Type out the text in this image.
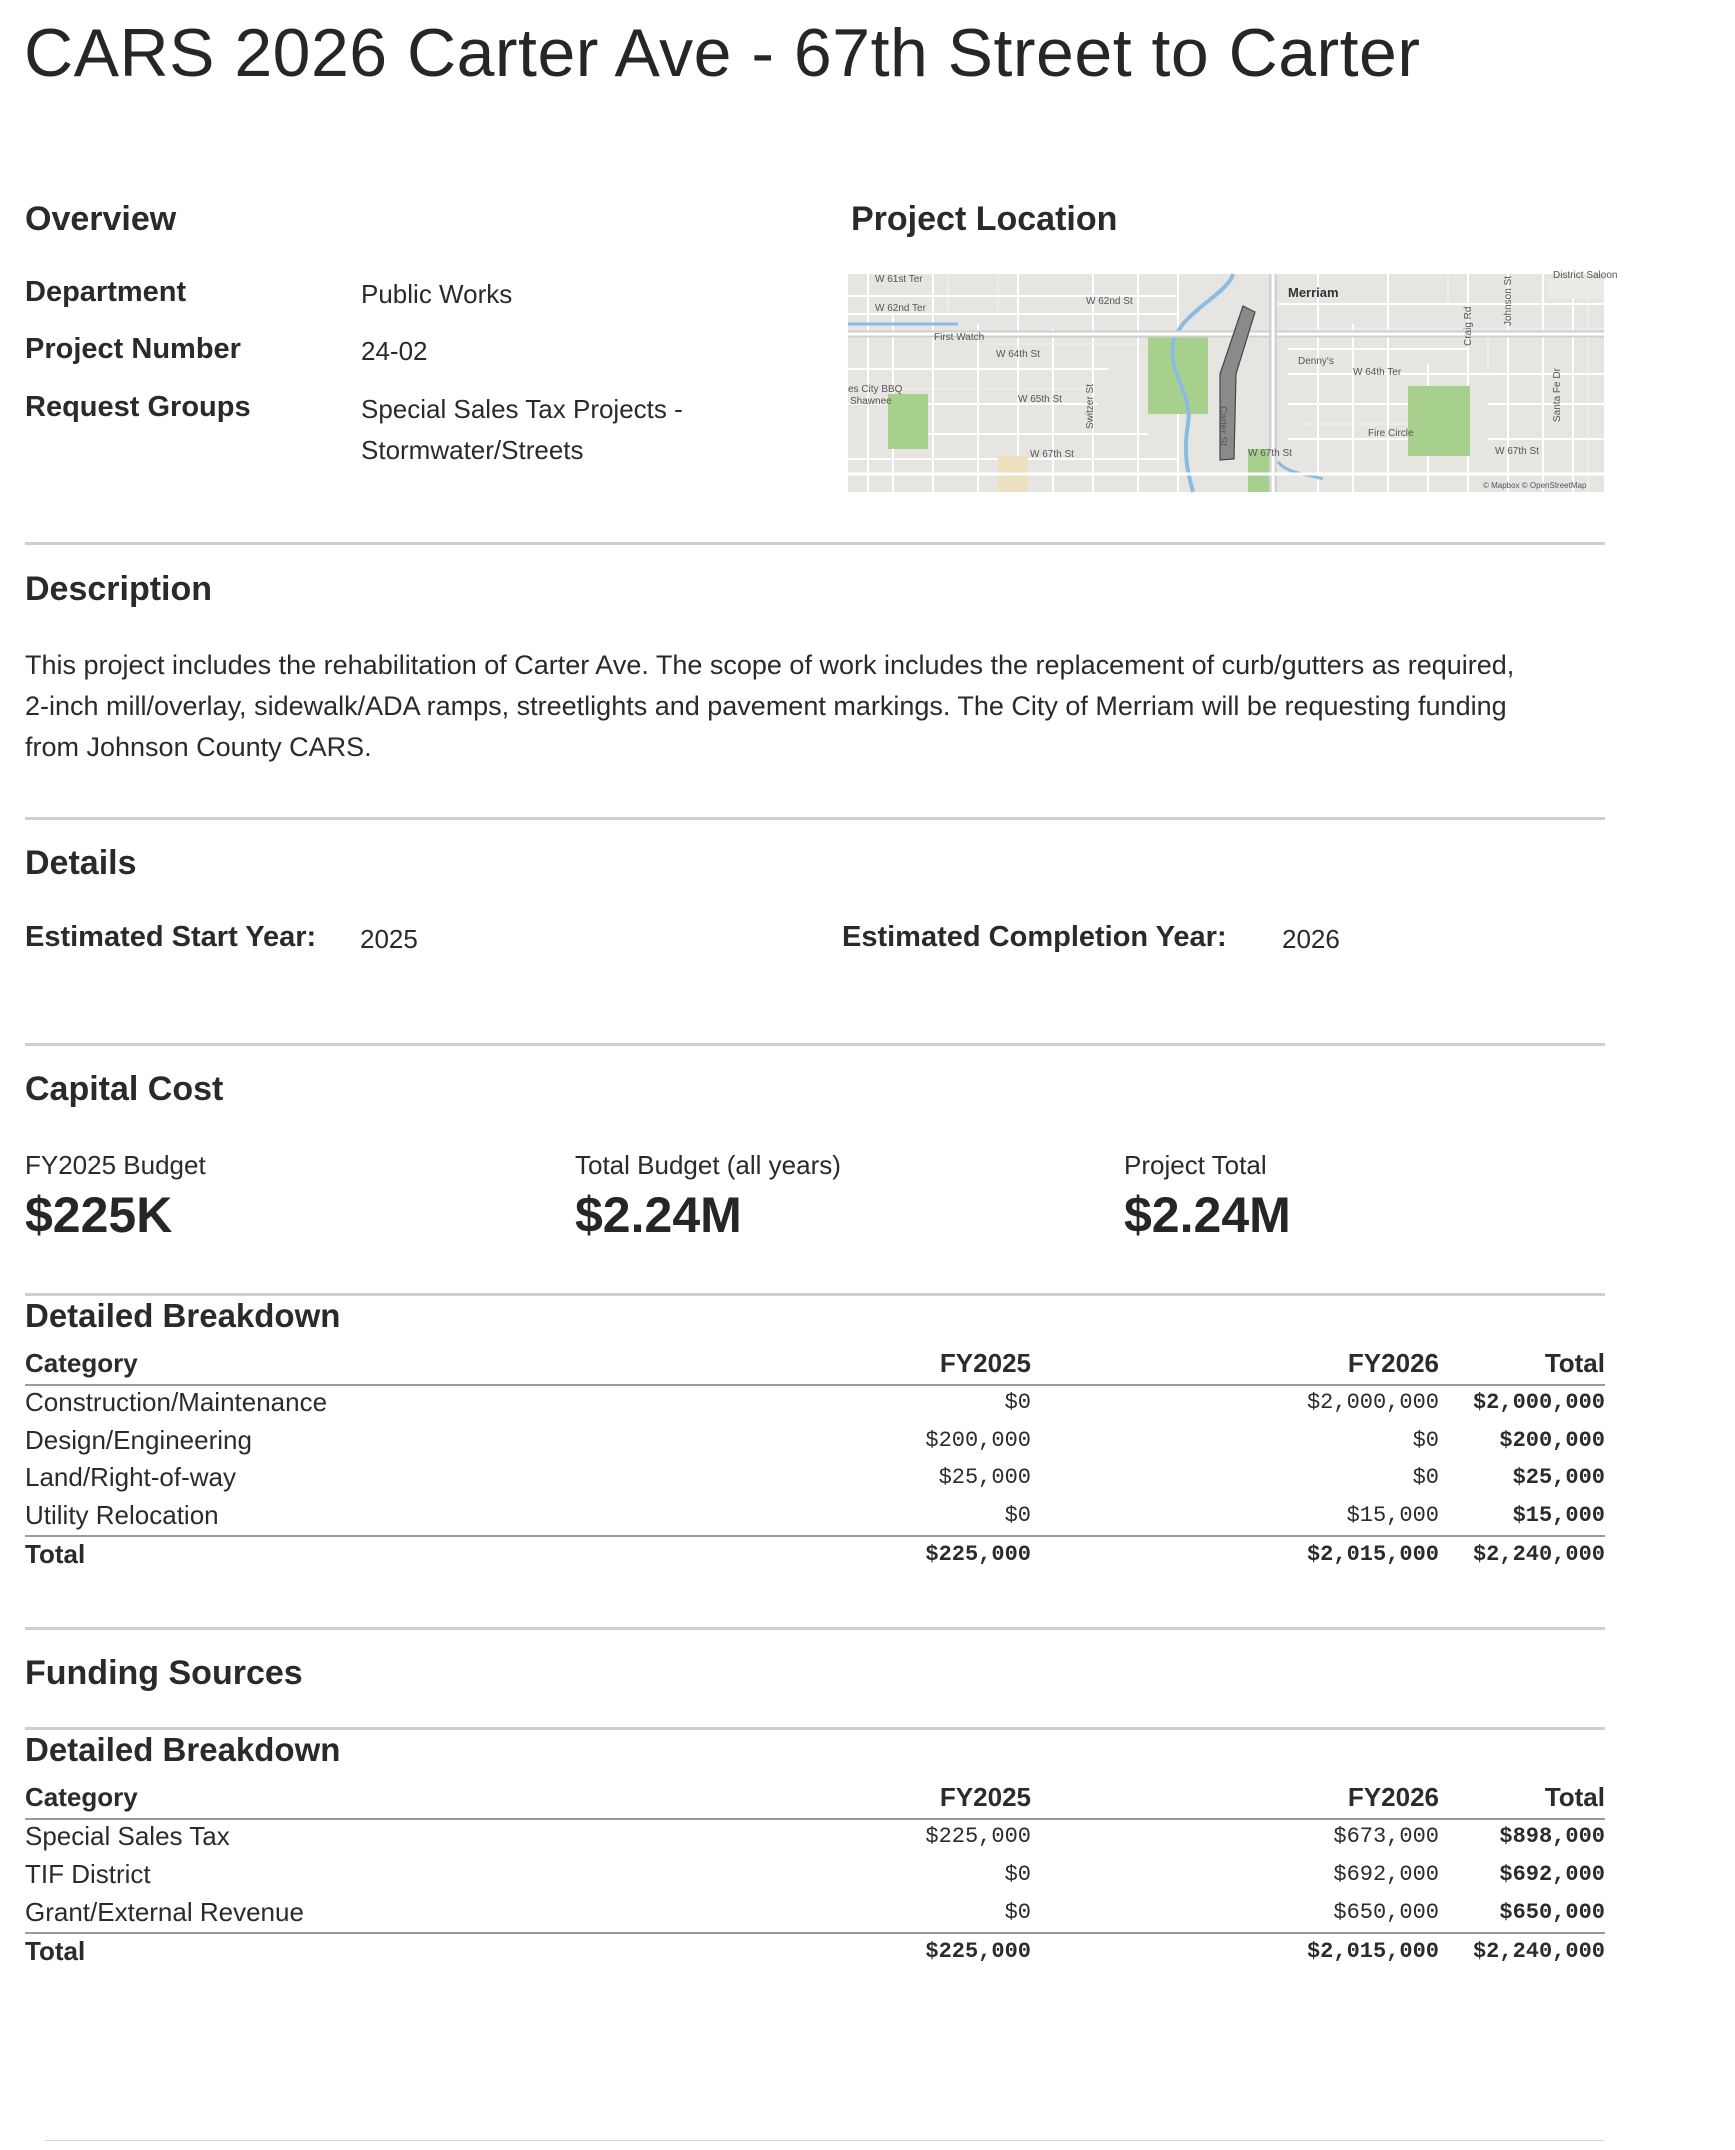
CARS 2026 Carter Ave - 67th Street to Carter
Overview
Department	Public Works
Project Number	24-02
Request Groups	Special Sales Tax Projects -
Stormwater/Streets
Project Location
W 61st Ter
W 62nd Ter
W 62nd St
First Watch
W 64th St
es City BBQ
Shawnee	W 65th St
W 67th St	W 67th St	W 67th St
Merriam
Denny's
W 64th Ter
Fire Circle
District Saloon
Switzer St	Carter St
Johnson St
Santa Fe Dr
Craig Rd
© Mapbox © OpenStreetMap
Description
This project includes the rehabilitation of Carter Ave. The scope of work includes the replacement of curb/gutters as required,
2-inch mill/overlay, sidewalk/ADA ramps, streetlights and pavement markings. The City of Merriam will be requesting funding
from Johnson County CARS.
Details
Estimated Start Year: 2025	Estimated Completion Year: 2026
Capital Cost
FY2025 Budget
$225K
Total Budget (all years)
$2.24M
Project Total
$2.24M
Detailed Breakdown
Category	FY2025	FY2026	Total
Construction/Maintenance	$0	$2,000,000 $2,000,000
Design/Engineering	$200,000	$0	$200,000
Land/Right-of-way	$25,000	$0	$25,000
Utility Relocation	$0	$15,000	$15,000
Total	$225,000	$2,015,000 $2,240,000
Funding Sources
Detailed Breakdown
Category	FY2025	FY2026	Total
Special Sales Tax	$225,000	$673,000	$898,000
TIF District	$0	$692,000	$692,000
Grant/External Revenue	$0	$650,000	$650,000
Total	$225,000	$2,015,000 $2,240,000
